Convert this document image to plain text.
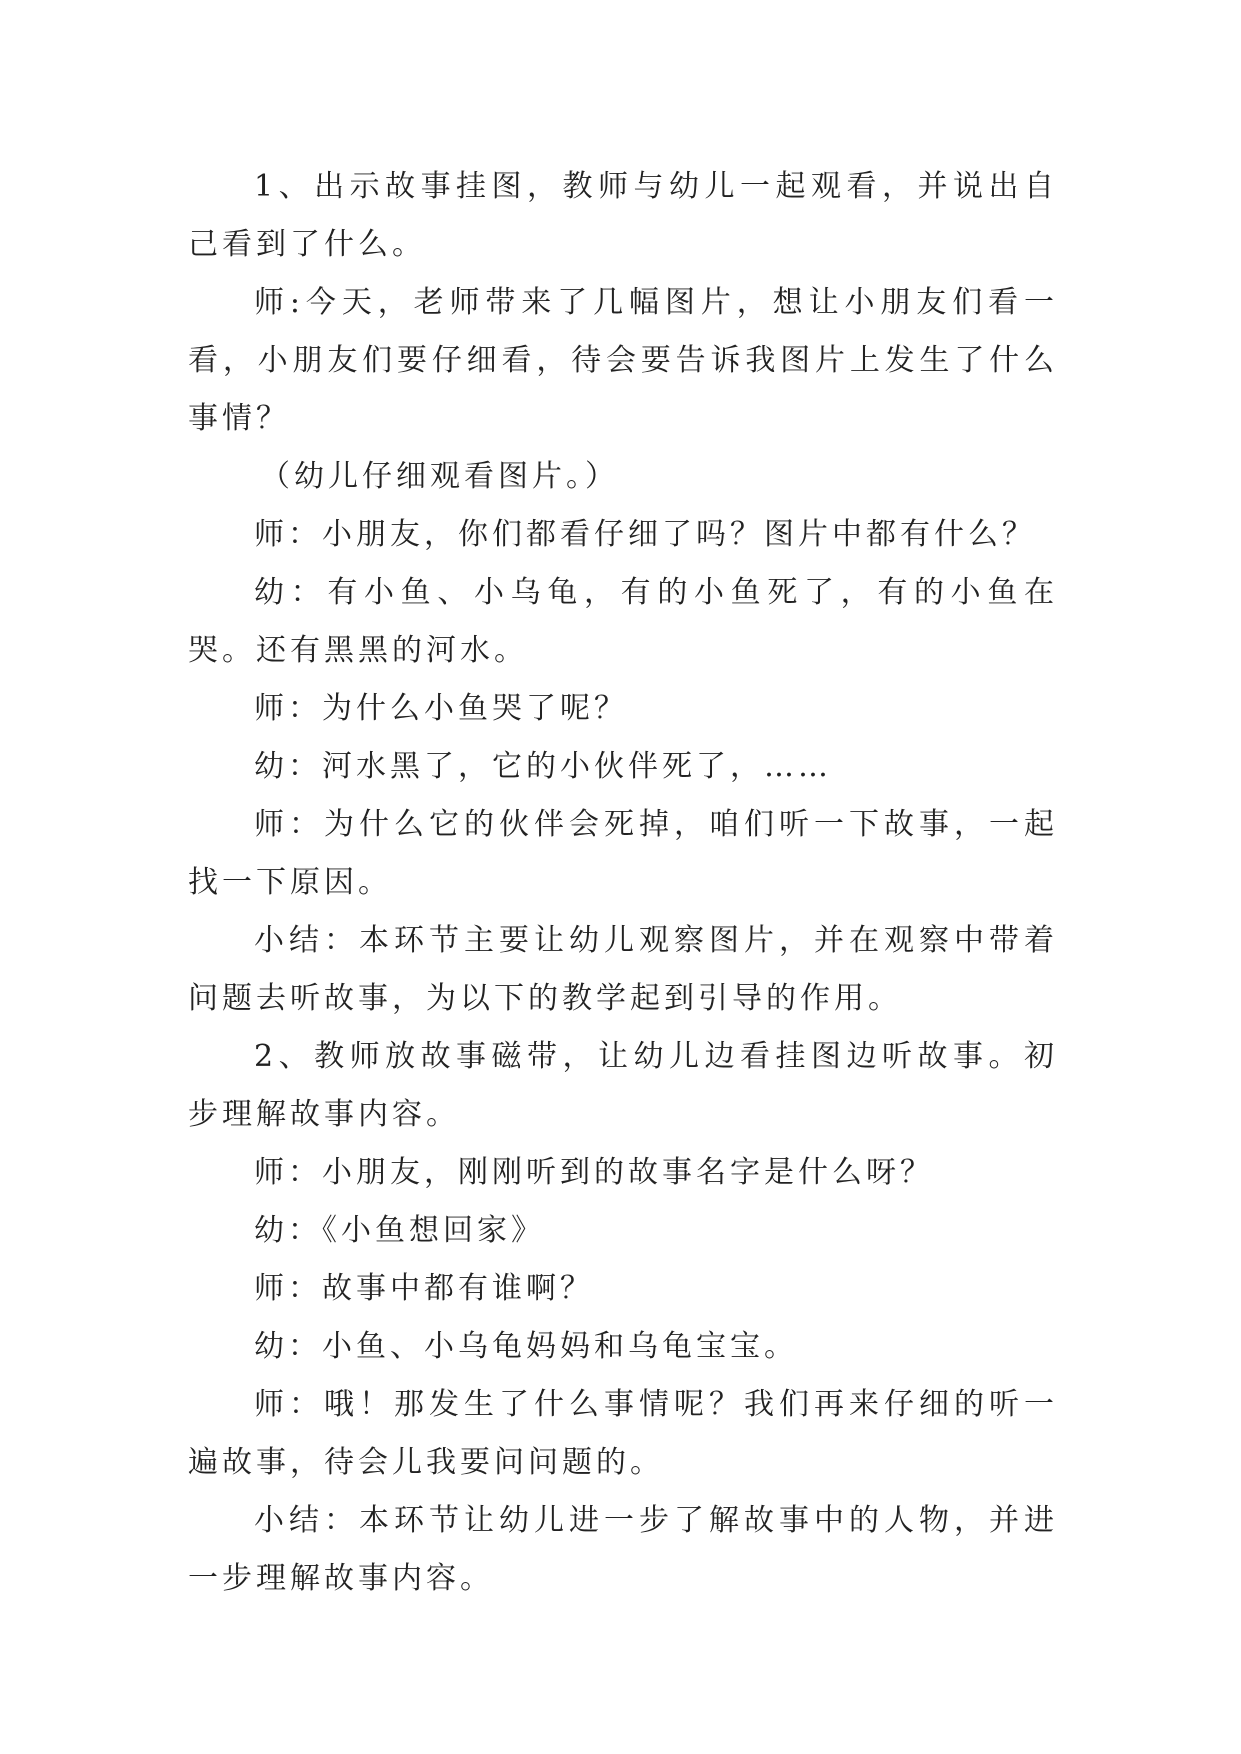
1、出示故事挂图，教师与幼儿一起观看，并说出自己看到了什么。

师:今天，老师带来了几幅图片，想让小朋友们看一看，小朋友们要仔细看，待会要告诉我图片上发生了什么事情？

（幼儿仔细观看图片。）

师：小朋友，你们都看仔细了吗？图片中都有什么？

幼：有小鱼、小乌龟，有的小鱼死了，有的小鱼在哭。还有黑黑的河水。

师：为什么小鱼哭了呢？

幼：河水黑了，它的小伙伴死了，……

师：为什么它的伙伴会死掉，咱们听一下故事，一起找一下原因。

小结：本环节主要让幼儿观察图片，并在观察中带着问题去听故事，为以下的教学起到引导的作用。

2、教师放故事磁带，让幼儿边看挂图边听故事。初步理解故事内容。

师：小朋友，刚刚听到的故事名字是什么呀？

幼：《小鱼想回家》

师：故事中都有谁啊？

幼：小鱼、小乌龟妈妈和乌龟宝宝。

师：哦！那发生了什么事情呢？我们再来仔细的听一遍故事，待会儿我要问问题的。

小结：本环节让幼儿进一步了解故事中的人物，并进一步理解故事内容。
